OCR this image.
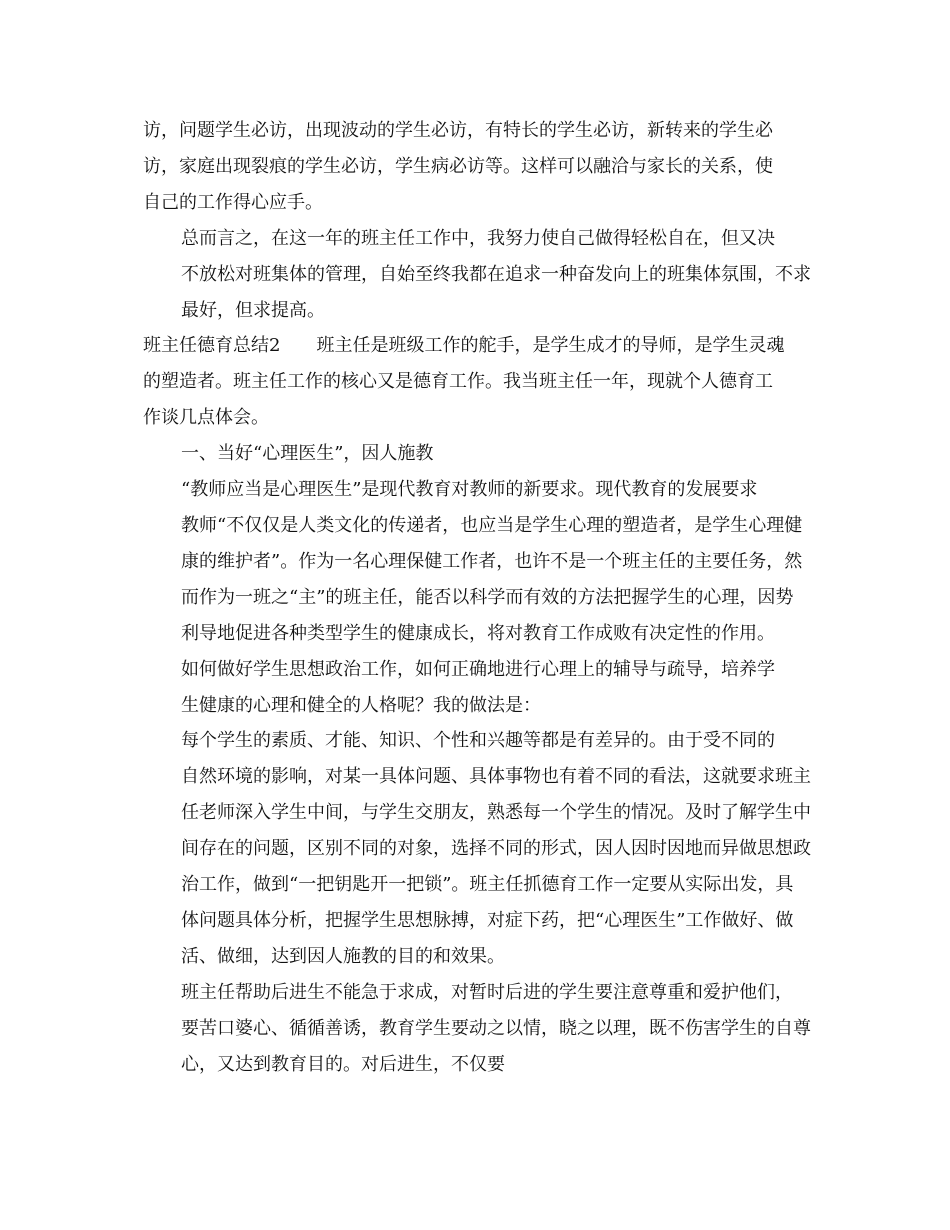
访，问题学生必访，出现波动的学生必访，有特长的学生必访，新转来的学生必
访，家庭出现裂痕的学生必访，学生病必访等。这样可以融洽与家长的关系，使
自己的工作得心应手。

总而言之，在这一年的班主任工作中，我努力使自己做得轻松自在，但又决
不放松对班集体的管理，自始至终我都在追求一种奋发向上的班集体氛围，不求
最好，但求提高。

班主任德育总结2　　班主任是班级工作的舵手，是学生成才的导师，是学生灵魂
的塑造者。班主任工作的核心又是德育工作。我当班主任一年，现就个人德育工
作谈几点体会。

一、当好“心理医生”，因人施教

“教师应当是心理医生”是现代教育对教师的新要求。现代教育的发展要求
教师“不仅仅是人类文化的传递者，也应当是学生心理的塑造者，是学生心理健
康的维护者”。作为一名心理保健工作者，也许不是一个班主任的主要任务，然
而作为一班之“主”的班主任，能否以科学而有效的方法把握学生的心理，因势
利导地促进各种类型学生的健康成长，将对教育工作成败有决定性的作用。

如何做好学生思想政治工作，如何正确地进行心理上的辅导与疏导，培养学
生健康的心理和健全的人格呢？我的做法是：

每个学生的素质、才能、知识、个性和兴趣等都是有差异的。由于受不同的
自然环境的影响，对某一具体问题、具体事物也有着不同的看法，这就要求班主
任老师深入学生中间，与学生交朋友，熟悉每一个学生的情况。及时了解学生中
间存在的问题，区别不同的对象，选择不同的形式，因人因时因地而异做思想政
治工作，做到“一把钥匙开一把锁”。班主任抓德育工作一定要从实际出发，具
体问题具体分析，把握学生思想脉搏，对症下药，把“心理医生”工作做好、做
活、做细，达到因人施教的目的和效果。

班主任帮助后进生不能急于求成，对暂时后进的学生要注意尊重和爱护他们，
要苦口婆心、循循善诱，教育学生要动之以情，晓之以理，既不伤害学生的自尊
心，又达到教育目的。对后进生，不仅要
